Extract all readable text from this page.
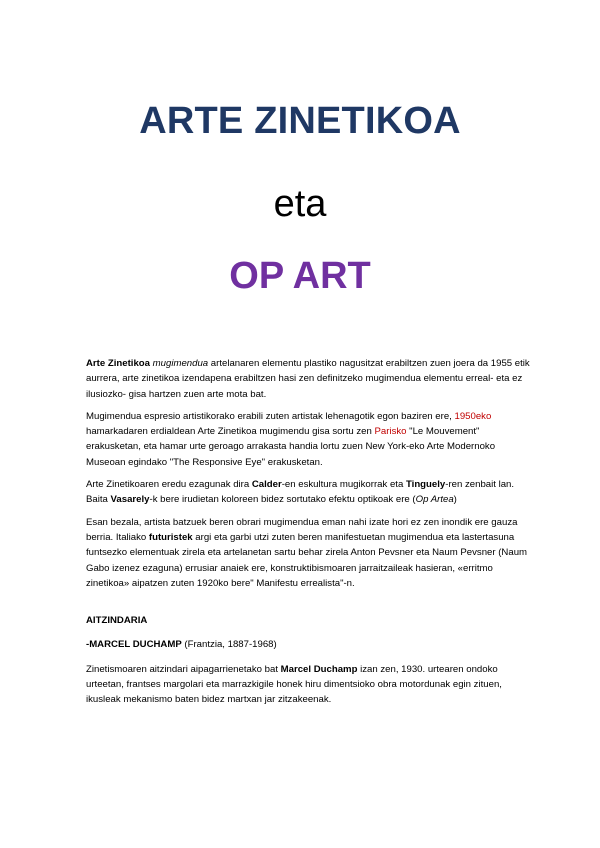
ARTE ZINETIKOA
eta
OP ART

Arte Zinetikoa mugimendua artelanaren elementu plastiko nagusitzat erabiltzen zuen joera da 1955 etik aurrera, arte zinetikoa izendapena erabiltzen hasi zen definitzeko mugimendua elementu erreal- eta ez ilusiozko- gisa hartzen zuen arte mota bat.

Mugimendua espresio artistikorako erabili zuten artistak lehenagotik egon baziren ere, 1950eko hamarkadaren erdialdean Arte Zinetikoa mugimendu gisa sortu zen Parisko "Le Mouvement" erakusketan, eta hamar urte geroago arrakasta handia lortu zuen New York-eko Arte Modernoko Museoan egindako "The Responsive Eye" erakusketan.

Arte Zinetikoaren eredu ezagunak dira Calder-en eskultura mugikorrak eta Tinguely-ren zenbait lan. Baita Vasarely-k bere irudietan koloreen bidez sortutako efektu optikoak ere (Op Artea)

Esan bezala, artista batzuek beren obrari mugimendua eman nahi izate hori ez zen inondik ere gauza berria. Italiako futuristek argi eta garbi utzi zuten beren manifestuetan mugimendua eta lastertasuna funtsezko elementuak zirela eta artelanetan sartu behar zirela Anton Pevsner eta Naum Pevsner (Naum Gabo izenez ezaguna) errusiar anaiek ere, konstruktibismoaren jarraitzaileak hasieran, «erritmo zinetikoa» aipatzen zuten 1920ko bere" Manifestu errealista"-n.

AITZINDARIA

-MARCEL DUCHAMP (Frantzia, 1887-1968)

Zinetismoaren aitzindari aipagarrienetako bat Marcel Duchamp izan zen, 1930. urtearen ondoko urteetan, frantses margolari eta marrazkigile honek hiru dimentsioko obra motordunak egin zituen, ikusleak mekanismo baten bidez martxan jar zitzakeenak.
